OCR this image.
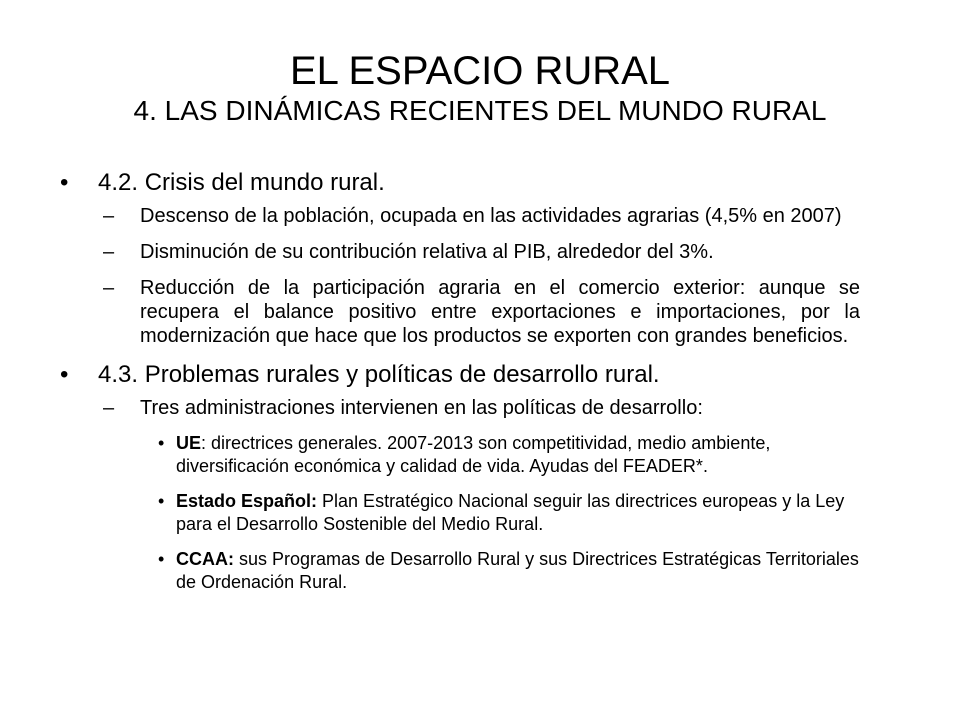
EL ESPACIO RURAL
4. LAS DINÁMICAS RECIENTES DEL MUNDO RURAL
• 4.2. Crisis del mundo rural.
– Descenso de la población, ocupada en las actividades agrarias (4,5% en 2007)
– Disminución de su contribución relativa al PIB, alrededor del 3%.
– Reducción de la participación agraria en el comercio exterior: aunque se recupera el balance positivo entre exportaciones e importaciones, por la modernización que hace que los productos se exporten con grandes beneficios.
• 4.3. Problemas rurales y políticas de desarrollo rural.
– Tres administraciones intervienen en las políticas de desarrollo:
• UE: directrices generales. 2007-2013 son competitividad, medio ambiente, diversificación económica y calidad de vida. Ayudas del FEADER*.
• Estado Español: Plan Estratégico Nacional seguir las directrices europeas y la Ley para el Desarrollo Sostenible del Medio Rural.
• CCAA: sus Programas de Desarrollo Rural y sus Directrices Estratégicas Territoriales de Ordenación Rural.
